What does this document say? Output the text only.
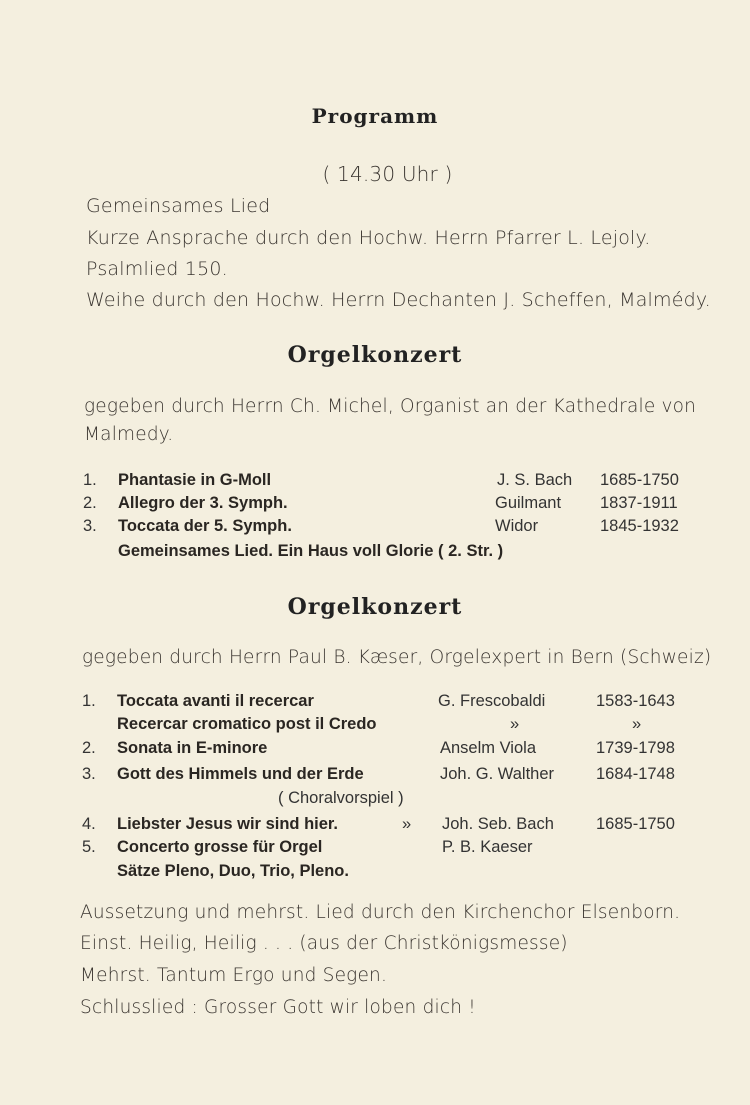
Programm
( 14.30 Uhr )
Gemeinsames Lied
Kurze Ansprache durch den Hochw. Herrn Pfarrer L. Lejoly.
Psalmlied 150.
Weihe durch den Hochw. Herrn Dechanten J. Scheffen, Malmédy.
Orgelkonzert
gegeben durch Herrn Ch. Michel, Organist an der Kathedrale von
Malmedy.
1. Phantasie in G-Moll	J. S. Bach 1685-1750
2. Allegro der 3. Symph.	Guilmant 1837-1911
3. Toccata der 5. Symph.	Widor	1845-1932
Gemeinsames Lied. Ein Haus voll Glorie ( 2. Str. )
Orgelkonzert
gegeben durch Herrn Paul B. Kæser, Orgelexpert in Bern (Schweiz)
1. Toccata avanti il recercar	G. Frescobaldi	1583-1643
Recercar cromatico post il Credo	»	»
2. Sonata in E-minore	Anselm Viola	1739-1798
3. Gott des Himmels und der Erde	Joh. G. Walther	1684-1748
( Choralvorspiel )
4. Liebster Jesus wir sind hier.	» Joh. Seb. Bach	1685-1750
5. Concerto grosse für Orgel	P. B. Kaeser
Sätze Pleno, Duo, Trio, Pleno.
Aussetzung und mehrst. Lied durch den Kirchenchor Elsenborn.
Einst. Heilig, Heilig . . . (aus der Christkönigsmesse)
Mehrst. Tantum Ergo und Segen.
Schlusslied : Grosser Gott wir loben dich !
